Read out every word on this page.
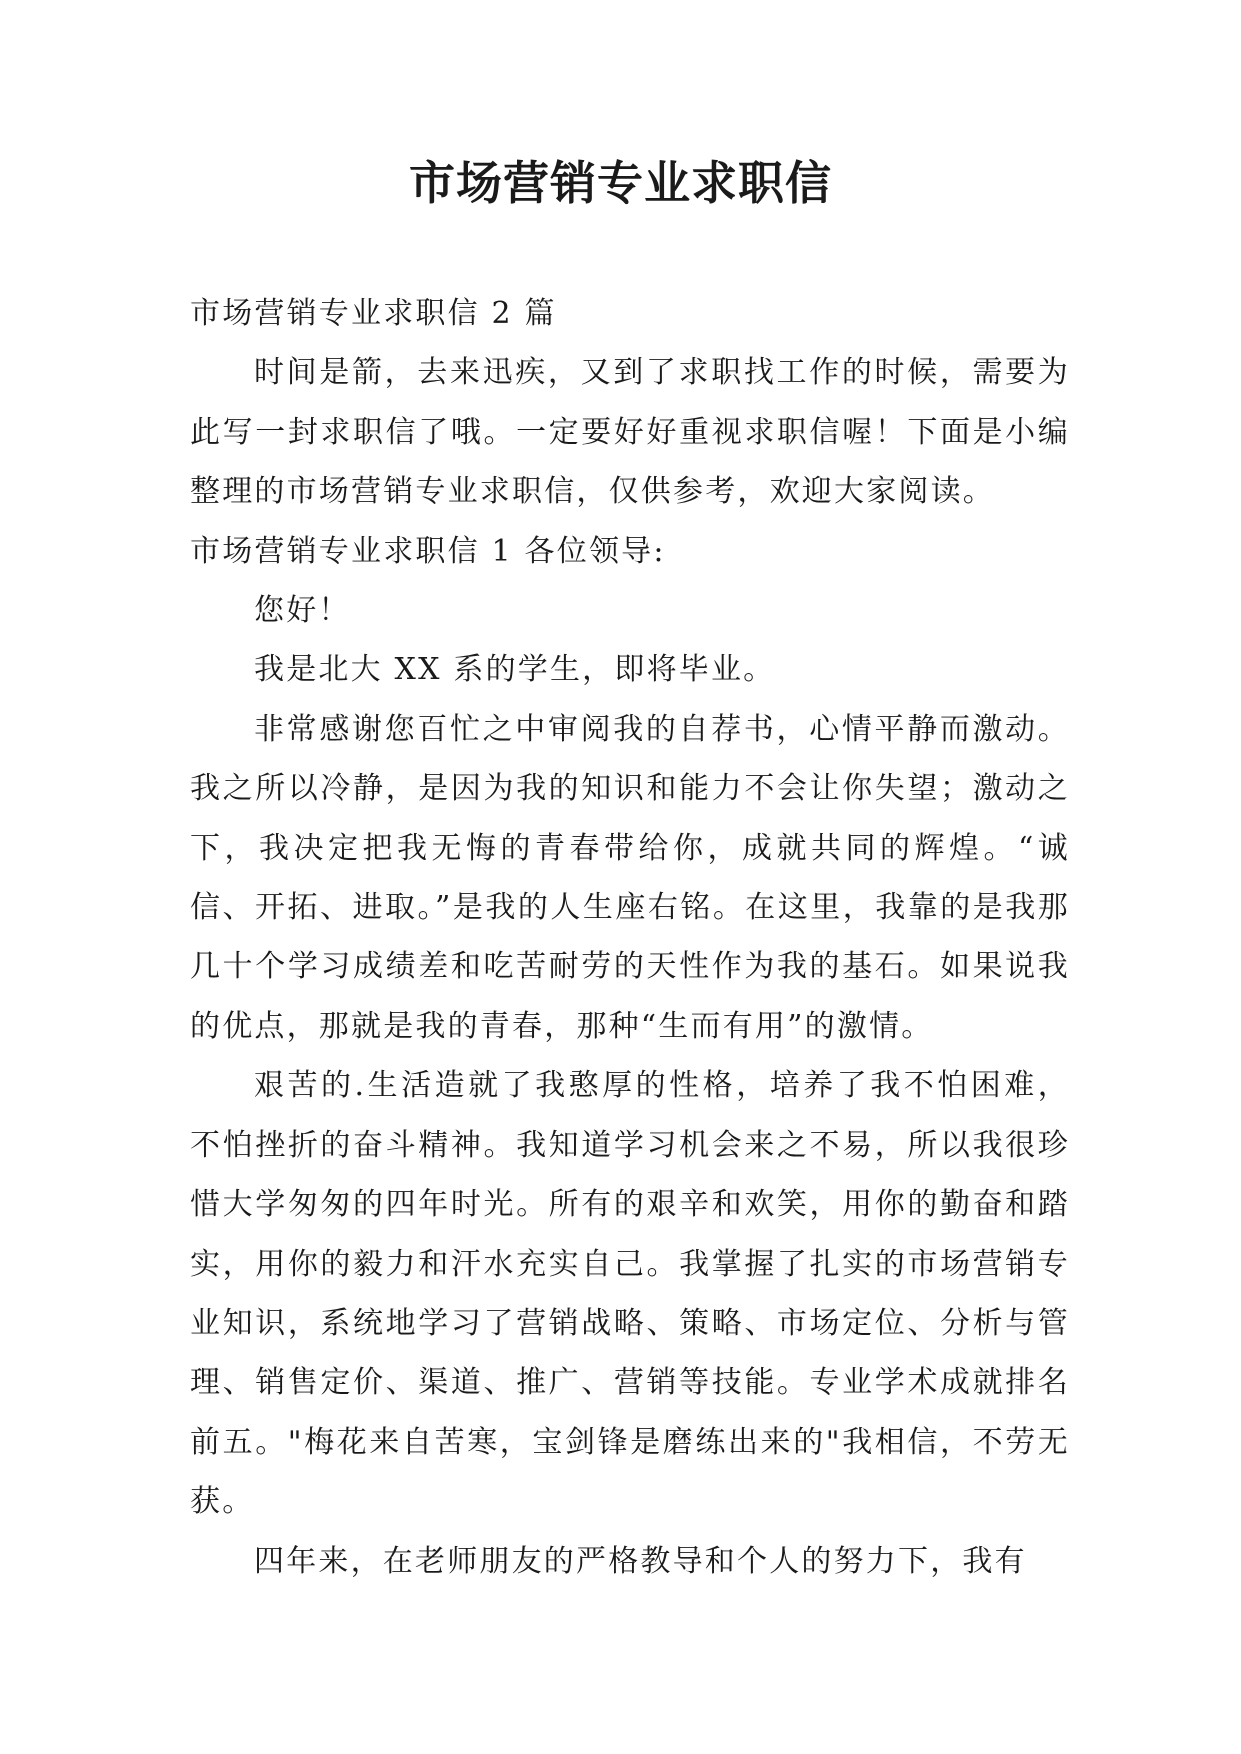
市场营销专业求职信

市场营销专业求职信 2 篇

时间是箭，去来迅疾，又到了求职找工作的时候，需要为此写一封求职信了哦。一定要好好重视求职信喔！下面是小编整理的市场营销专业求职信，仅供参考，欢迎大家阅读。

市场营销专业求职信 1 各位领导:

您好！

我是北大 XX 系的学生，即将毕业。

非常感谢您百忙之中审阅我的自荐书，心情平静而激动。我之所以冷静，是因为我的知识和能力不会让你失望；激动之下，我决定把我无悔的青春带给你，成就共同的辉煌。“诚信、开拓、进取。”是我的人生座右铭。在这里，我靠的是我那几十个学习成绩差和吃苦耐劳的天性作为我的基石。如果说我的优点，那就是我的青春，那种“生而有用”的激情。

艰苦的.生活造就了我憨厚的性格，培养了我不怕困难，不怕挫折的奋斗精神。我知道学习机会来之不易，所以我很珍惜大学匆匆的四年时光。所有的艰辛和欢笑，用你的勤奋和踏实，用你的毅力和汗水充实自己。我掌握了扎实的市场营销专业知识，系统地学习了营销战略、策略、市场定位、分析与管理、销售定价、渠道、推广、营销等技能。专业学术成就排名前五。"梅花来自苦寒，宝剑锋是磨练出来的"我相信，不劳无获。

四年来，在老师朋友的严格教导和个人的努力下，我有
